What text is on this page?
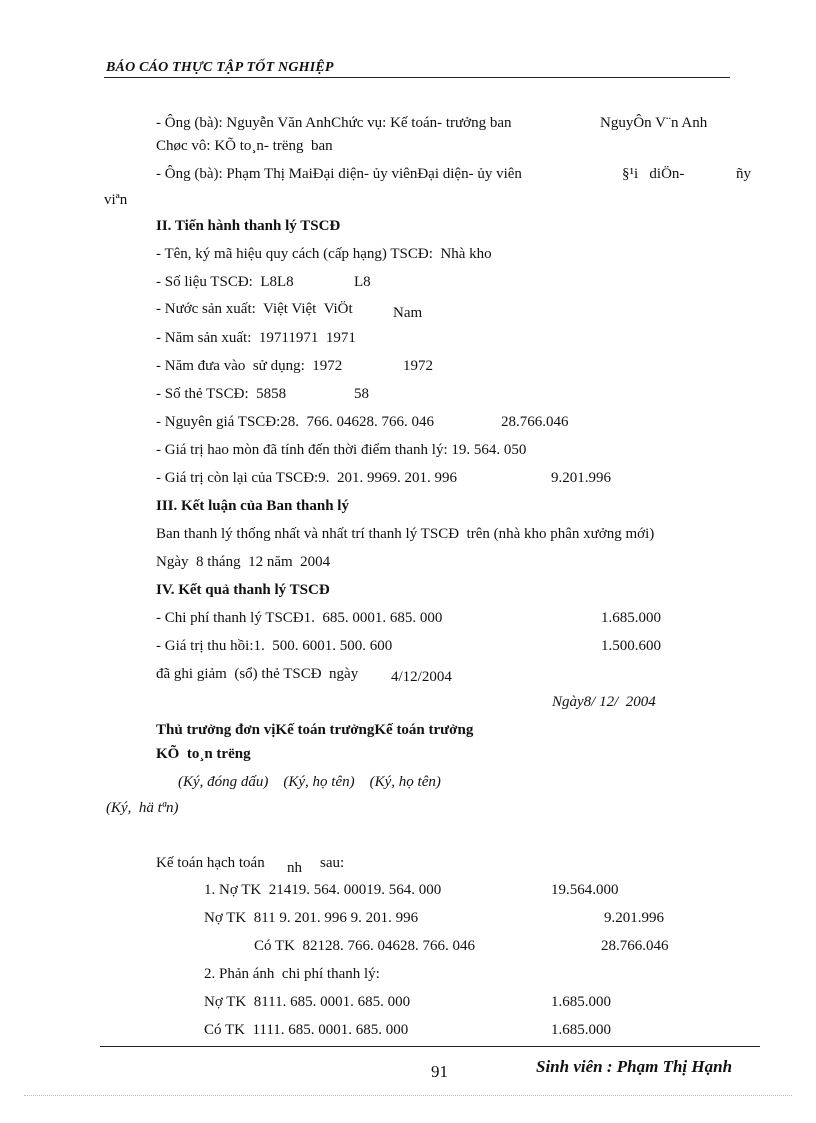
BÁO CÁO THỰC TẬP TỐT NGHIỆP
- Ông (bà): Nguyễn Văn AnhChức vụ: Kế toán- trưởng ban	NguyÔn V¨n Anh
Chøc vô: KÕ to¸n- trëng  ban
- Ông (bà): Phạm Thị MaiĐại diện- ủy viênĐại diện- ủy viên	§¹i   diÖn-	ñy
viªn
II. Tiến hành thanh lý TSCĐ
- Tên, ký mã hiệu quy cách (cấp hạng) TSCĐ:  Nhà kho
- Số liệu TSCĐ:  L8L8	L8
- Nước sản xuất:  Việt Việt  ViÖt	Nam
- Năm sản xuất:  19711971  1971
- Năm đưa vào  sử dụng:  1972	1972
- Số thẻ TSCĐ:  5858	58
- Nguyên giá TSCĐ:28.  766. 04628. 766. 046	28.766.046
- Giá trị hao mòn đã tính đến thời điểm thanh lý: 19. 564. 050
- Giá trị còn lại của TSCĐ:9.  201. 9969. 201. 996	9.201.996
III. Kết luận của Ban thanh lý
Ban thanh lý thống nhất và nhất trí thanh lý TSCĐ  trên (nhà kho phân xưởng mới)
Ngày  8 tháng  12 năm  2004
IV. Kết quả thanh lý TSCĐ
- Chi phí thanh lý TSCĐ1.  685. 0001. 685. 000	1.685.000
- Giá trị thu hồi:1.  500. 6001. 500. 600	1.500.600
đã ghi giảm  (sổ) thẻ TSCĐ  ngày 4/12/2004
Ngày8/ 12/  2004
Thủ trưởng đơn vịKế toán trưởngKế toán trưởng
KÕ  to¸n trëng
(Ký, đóng dấu)    (Ký, họ tên)    (Ký, họ tên)
(Ký,  hä tªn)
Kế toán hạch toán nh sau:
1. Nợ TK  21419. 564. 00019. 564. 000	19.564.000
Nợ TK  811 9. 201. 996 9. 201. 996	9.201.996
Có TK  82128. 766. 04628. 766. 046	28.766.046
2. Phản ánh  chi phí thanh lý:
Nợ TK  8111. 685. 0001. 685. 000	1.685.000
Có TK  1111. 685. 0001. 685. 000	1.685.000
91	Sinh viên : Phạm Thị Hạnh
